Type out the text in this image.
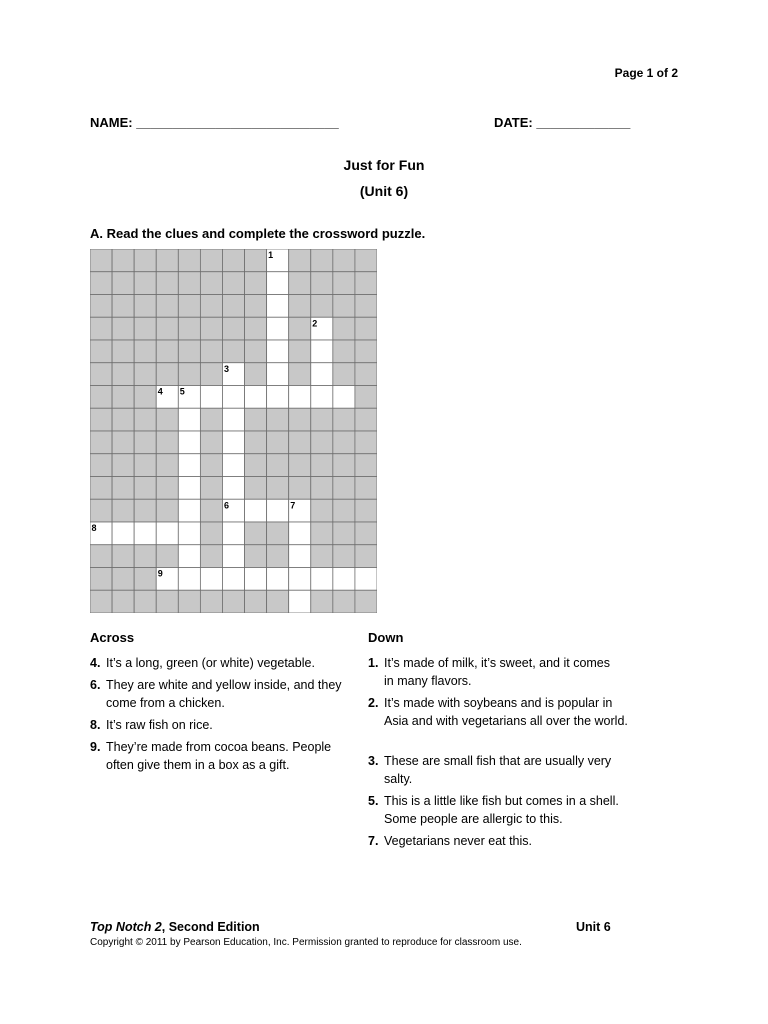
Page 1 of 2
NAME: ____________________________	DATE: _____________
Just for Fun
(Unit 6)
A. Read the clues and complete the crossword puzzle.
1
2
3
4 5
6	7
8
9
Across	Down
4. It’s a long, green (or white) vegetable.
6. They are white and yellow inside, and they come from a chicken.
8. It’s raw fish on rice.
9. They’re made from cocoa beans. People often give them in a box as a gift.
1. It’s made of milk, it’s sweet, and it comes in many flavors.
2. It’s made with soybeans and is popular in Asia and with vegetarians all over the world.
3. These are small fish that are usually very salty.
5. This is a little like fish but comes in a shell. Some people are allergic to this.
7. Vegetarians never eat this.
Top Notch 2, Second Edition	Unit 6
Copyright © 2011 by Pearson Education, Inc. Permission granted to reproduce for classroom use.
